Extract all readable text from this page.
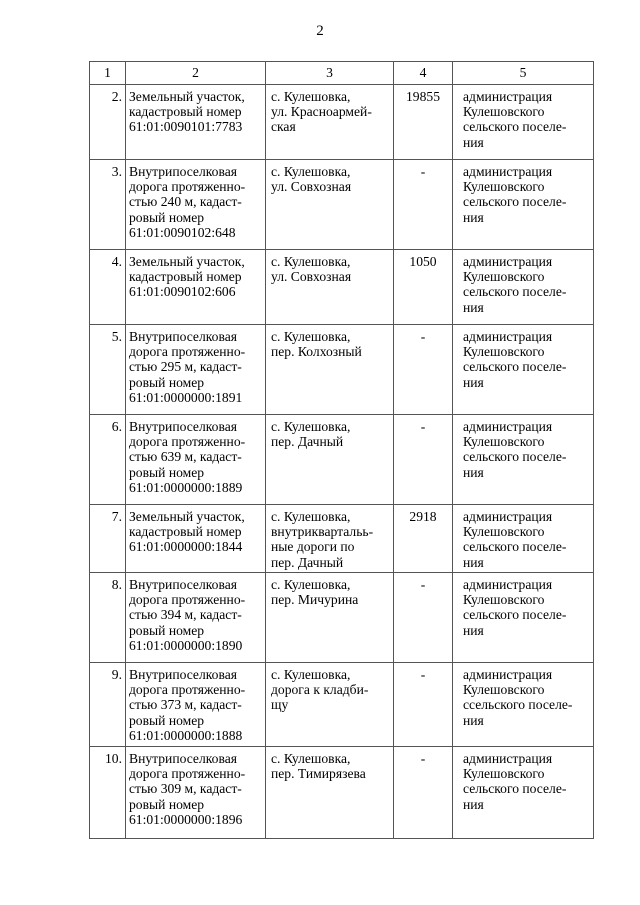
2
1	2	3	4	5
2.	Земельный участок,
кадастровый номер
61:01:0090101:7783	с. Кулешовка,
ул. Красноармей-
ская	19855	администрация
Кулешовского
сельского поселе-
ния

3.	Внутрипоселковая
дорога протяженно-
стью 240 м, кадаст-
ровый номер
61:01:0090102:648	с. Кулешовка,
ул. Совхозная	-	администрация
Кулешовского
сельского поселе-
ния

4.	Земельный участок,
кадастровый номер
61:01:0090102:606	с. Кулешовка,
ул. Совхозная	1050	администрация
Кулешовского
сельского поселе-
ния

5.	Внутрипоселковая
дорога протяженно-
стью 295 м, кадаст-
ровый номер
61:01:0000000:1891	с. Кулешовка,
пер. Колхозный	-	администрация
Кулешовского
сельского поселе-
ния

6.	Внутрипоселковая
дорога протяженно-
стью 639 м, кадаст-
ровый номер
61:01:0000000:1889	с. Кулешовка,
пер. Дачный	-	администрация
Кулешовского
сельского поселе-
ния

7.	Земельный участок,
кадастровый номер
61:01:0000000:1844	с. Кулешовка,
внутриквартальь-
ные дороги по
пер. Дачный	2918	администрация
Кулешовского
сельского поселе-
ния

8.	Внутрипоселковая
дорога протяженно-
стью 394 м, кадаст-
ровый номер
61:01:0000000:1890	с. Кулешовка,
пер. Мичурина	-	администрация
Кулешовского
сельского поселе-
ния

9.	Внутрипоселковая
дорога протяженно-
стью 373 м, кадаст-
ровый номер
61:01:0000000:1888	с. Кулешовка,
дорога к кладби-
щу	-	администрация
Кулешовского
ссельского поселе-
ния

10.	Внутрипоселковая
дорога протяженно-
стью 309 м, кадаст-
ровый номер
61:01:0000000:1896	с. Кулешовка,
пер. Тимирязева	-	администрация
Кулешовского
сельского поселе-
ния
